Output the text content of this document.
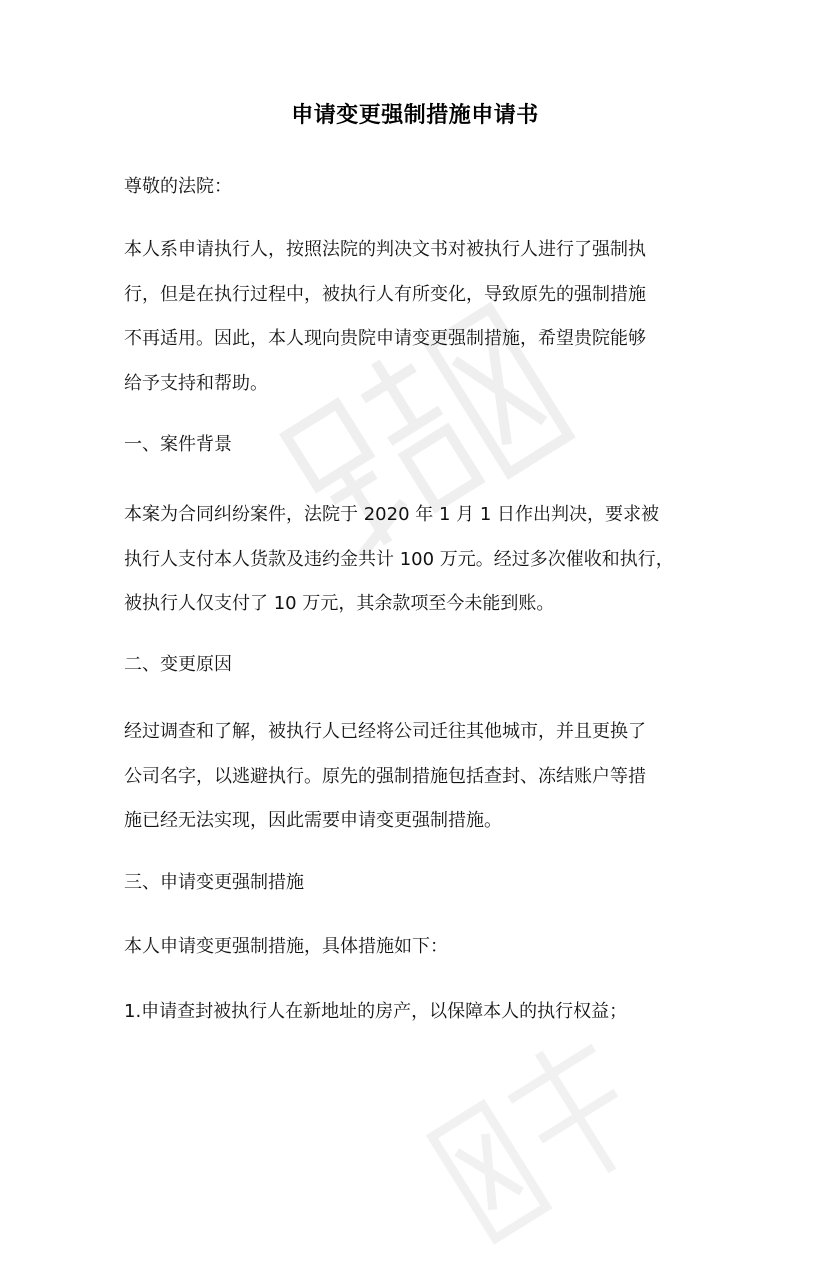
申请变更强制措施申请书
尊敬的法院：
本人系申请执行人，按照法院的判决文书对被执行人进行了强制执
行，但是在执行过程中，被执行人有所变化，导致原先的强制措施
不再适用。因此，本人现向贵院申请变更强制措施，希望贵院能够
给予支持和帮助。
一、案件背景
本案为合同纠纷案件，法院于 2020 年 1 月 1 日作出判决，要求被
执行人支付本人货款及违约金共计 100 万元。经过多次催收和执行，
被执行人仅支付了 10 万元，其余款项至今未能到账。
二、变更原因
经过调查和了解，被执行人已经将公司迁往其他城市，并且更换了
公司名字，以逃避执行。原先的强制措施包括查封、冻结账户等措
施已经无法实现，因此需要申请变更强制措施。
三、申请变更强制措施
本人申请变更强制措施，具体措施如下：
1.申请查封被执行人在新地址的房产，以保障本人的执行权益；
